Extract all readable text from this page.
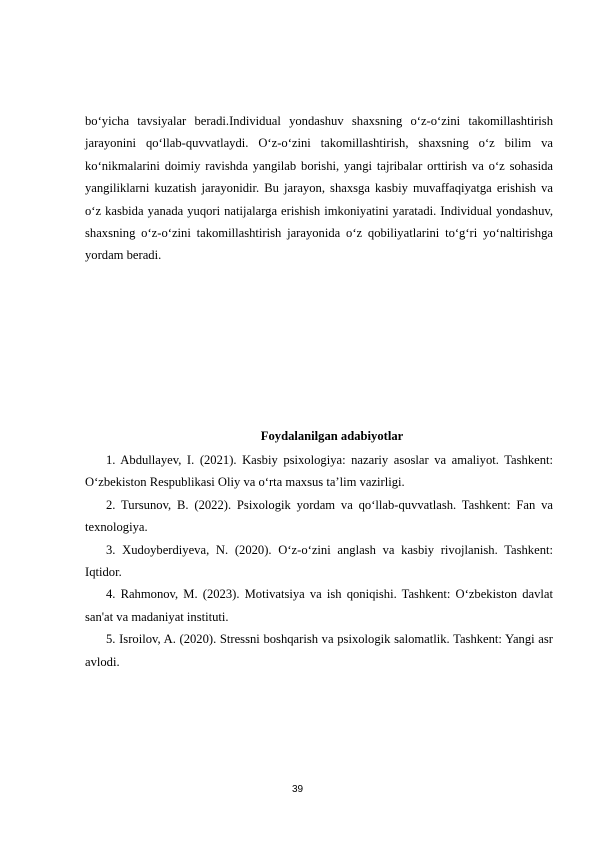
bo‘yicha tavsiyalar beradi.Individual yondashuv shaxsning o‘z-o‘zini takomillashtirish jarayonini qo‘llab-quvvatlaydi. O‘z-o‘zini takomillashtirish, shaxsning o‘z bilim va ko‘nikmalarini doimiy ravishda yangilab borishi, yangi tajribalar orttirish va o‘z sohasida yangiliklarni kuzatish jarayonidir. Bu jarayon, shaxsga kasbiy muvaffaqiyatga erishish va o‘z kasbida yanada yuqori natijalarga erishish imkoniyatini yaratadi. Individual yondashuv, shaxsning o‘z-o‘zini takomillashtirish jarayonida o‘z qobiliyatlarini to‘g‘ri yo‘naltirishga yordam beradi.

Foydalanilgan adabiyotlar
1. Abdullayev, I. (2021). Kasbiy psixologiya: nazariy asoslar va amaliyot. Tashkent: O‘zbekiston Respublikasi Oliy va o‘rta maxsus ta’lim vazirligi.
2. Tursunov, B. (2022). Psixologik yordam va qo‘llab-quvvatlash. Tashkent: Fan va texnologiya.
3. Xudoyberdiyeva, N. (2020). O‘z-o‘zini anglash va kasbiy rivojlanish. Tashkent: Iqtidor.
4. Rahmonov, M. (2023). Motivatsiya va ish qoniqishi. Tashkent: O‘zbekiston davlat san'at va madaniyat instituti.
5. Isroilov, A. (2020). Stressni boshqarish va psixologik salomatlik. Tashkent: Yangi asr avlodi.
39
